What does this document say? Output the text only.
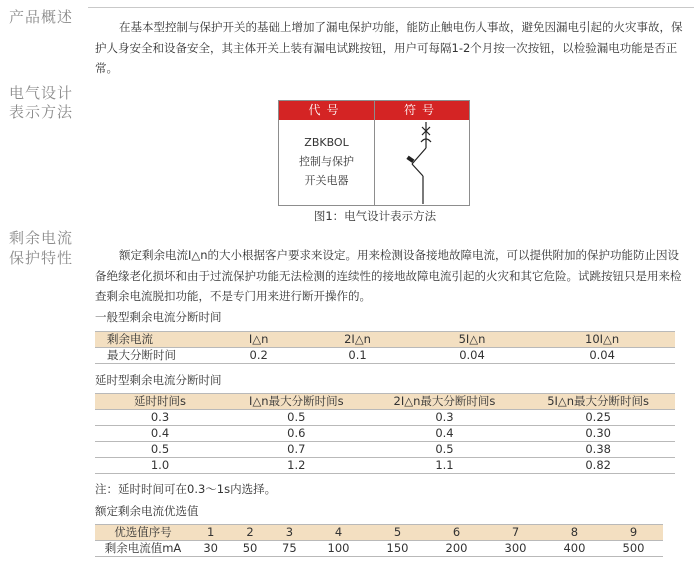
产品概述

在基本型控制与保护开关的基础上增加了漏电保护功能，能防止触电伤人事故，避免因漏电引起的火灾事故，保护人身安全和设备安全，其主体开关上装有漏电试跳按钮，用户可每隔1-2个月按一次按钮，以检验漏电功能是否正常。

电气设计
表示方法	代号
ZBKBOL
控制与保护
开关电器
符号
图1：电气设计表示方法
剩余电流
保护特性	额定剩余电流I△n的大小根据客户要求来设定。用来检测设备接地故障电流，可以提供附加的保护功能防止因设备绝缘老化损坏和由于过流保护功能无法检测的连续性的接地故障电流引起的火灾和其它危险。试跳按钮只是用来检查剩余电流脱扣功能，不是专门用来进行断开操作的。

一般型剩余电流分断时间
剩余电流	I△n	2I△n	5I△n	10I△n
最大分断时间	0.2	0.1	0.04	0.04
延时型剩余电流分断时间
延时时间s	I△n最大分断时间s	2I△n最大分断时间s	5I△n最大分断时间s
0.3	0.5	0.3	0.25
0.4	0.6	0.4	0.30
0.5	0.7	0.5	0.38
1.0	1.2	1.1	0.82
注：延时时间可在0.3～1s内选择。
额定剩余电流优选值
优选值序号	1	2	3	4	5	6	7	8	9
剩余电流值mA	30	50	75	100	150	200	300	400	500
